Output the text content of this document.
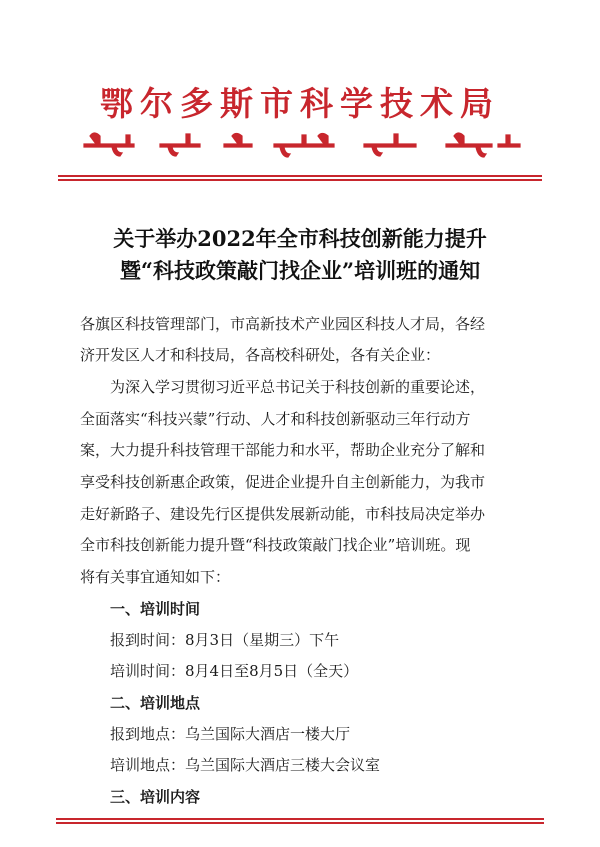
鄂尔多斯市科学技术局
关于举办2022年全市科技创新能力提升
暨“科技政策敲门找企业”培训班的通知
各旗区科技管理部门，市高新技术产业园区科技人才局，各经
济开发区人才和科技局，各高校科研处，各有关企业：
　　为深入学习贯彻习近平总书记关于科技创新的重要论述，
全面落实“科技兴蒙”行动、人才和科技创新驱动三年行动方
案，大力提升科技管理干部能力和水平，帮助企业充分了解和
享受科技创新惠企政策，促进企业提升自主创新能力，为我市
走好新路子、建设先行区提供发展新动能，市科技局决定举办
全市科技创新能力提升暨“科技政策敲门找企业”培训班。现
将有关事宜通知如下：
一、培训时间
报到时间：8月3日（星期三）下午
培训时间：8月4日至8月5日（全天）
二、培训地点
报到地点：乌兰国际大酒店一楼大厅
培训地点：乌兰国际大酒店三楼大会议室
三、培训内容
